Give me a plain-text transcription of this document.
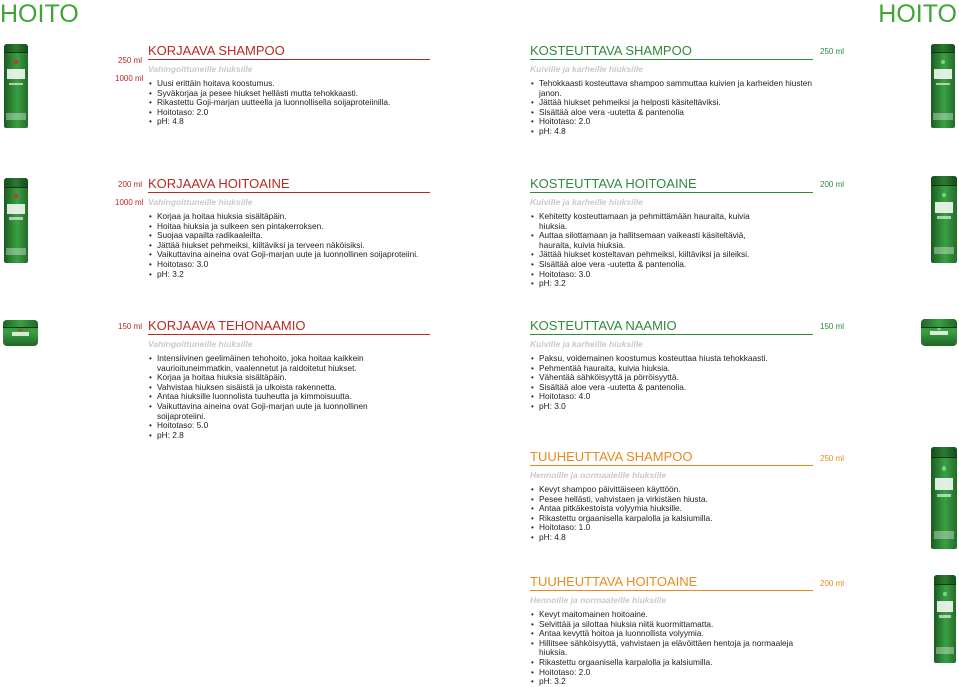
HOITO	HOITO
250 ml
1000 ml
KORJAAVA SHAMPOO
Vahingoittuneille hiuksille
• Uusi erittäin hoitava koostumus.
• Syväkorjaa ja pesee hiukset hellästi mutta tehokkaasti.
• Rikastettu Goji-marjan uutteella ja luonnollisella soijaproteiinilla.
• Hoitotaso: 2.0
• pH: 4.8
250 ml
KOSTEUTTAVA SHAMPOO
Kuiville ja karheille hiuksille
• Tehokkaasti kosteuttava shampoo sammuttaa kuivien ja karheiden hiusten janon.
• Jättää hiukset pehmeiksi ja helposti käsiteltäviksi.
• Sisältää aloe vera -uutetta & pantenolia
• Hoitotaso: 2.0
• pH: 4.8
200 ml
1000 ml
KORJAAVA HOITOAINE
Vahingoittuneille hiuksille
• Korjaa ja hoitaa hiuksia sisältäpäin.
• Hoitaa hiuksia ja sulkeen sen pintakerroksen.
• Suojaa vapailta radikaaleilta.
• Jättää hiukset pehmeiksi, kiiltäviksi ja terveen näköisiksi.
• Vaikuttavina aineina ovat Goji-marjan uute ja luonnollinen soijaproteiini.
• Hoitotaso: 3.0
• pH: 3.2
200 ml
KOSTEUTTAVA HOITOAINE
Kuiville ja karheille hiuksille
• Kehitetty kosteuttamaan ja pehmittämään hauraita, kuivia hiuksia.
• Auttaa silottamaan ja hallitsemaan vaikeasti käsiteltäviä, hauraita, kuivia hiuksia.
• Jättää hiukset kosteltavan pehmeiksi, kiiltäviksi ja sileiksi.
• Sisältää aloe vera -uutetta & pantenolia.
• Hoitotaso: 3.0
• pH: 3.2
150 ml KORJAAVA TEHONAAMIO
Vahingoittuneille hiuksille
• Intensiivinen geelimäinen tehohoito, joka hoitaa kaikkein vaurioituneimmatkin, vaalennetut ja raidoitetut hiukset.
• Korjaa ja hoitaa hiuksia sisältäpäin.
• Vahvistaa hiuksen sisäistä ja ulkoista rakennetta.
• Antaa hiuksille luonnolista tuuheutta ja kimmoisuutta.
• Vaikuttavina aineina ovat Goji-marjan uute ja luonnollinen soijaproteiini.
• Hoitotaso: 5.0
• pH: 2.8
150 ml
KOSTEUTTAVA NAAMIO
Kuiville ja karheille hiuksille
• Paksu, voidemainen koostumus kosteuttaa hiusta tehokkaasti.
• Pehmentää hauraita, kuivia hiuksia.
• Vähentää sähköisyyttä ja pörröisyyttä.
• Sisältää aloe vera -uutetta & pantenolia.
• Hoitotaso: 4.0
• pH: 3.0
250 ml
TUUHEUTTAVA SHAMPOO
Hennoille ja normaaleille hiuksille
• Kevyt shampoo päivittäiseen käyttöön.
• Pesee hellästi, vahvistaen ja virkistäen hiusta.
• Antaa pitkäkestoista volyymia hiuksille.
• Rikastettu orgaanisella karpalolla ja kalsiumilla.
• Hoitotaso: 1.0
• pH: 4.8
200 ml
TUUHEUTTAVA HOITOAINE
Hennoille ja normaaleille hiuksille
• Kevyt maitomainen hoitoaine.
• Selvittää ja silottaa hiuksia niitä kuormittamatta.
• Antaa kevyttä hoitoa ja luonnollista volyymia.
• Hillitsee sähköisyyttä, vahvistaen ja elävöittäen hentoja ja normaaleja hiuksia.
• Rikastettu orgaanisella karpalolla ja kalsiumilla.
• Hoitotaso: 2.0
• pH: 3.2
